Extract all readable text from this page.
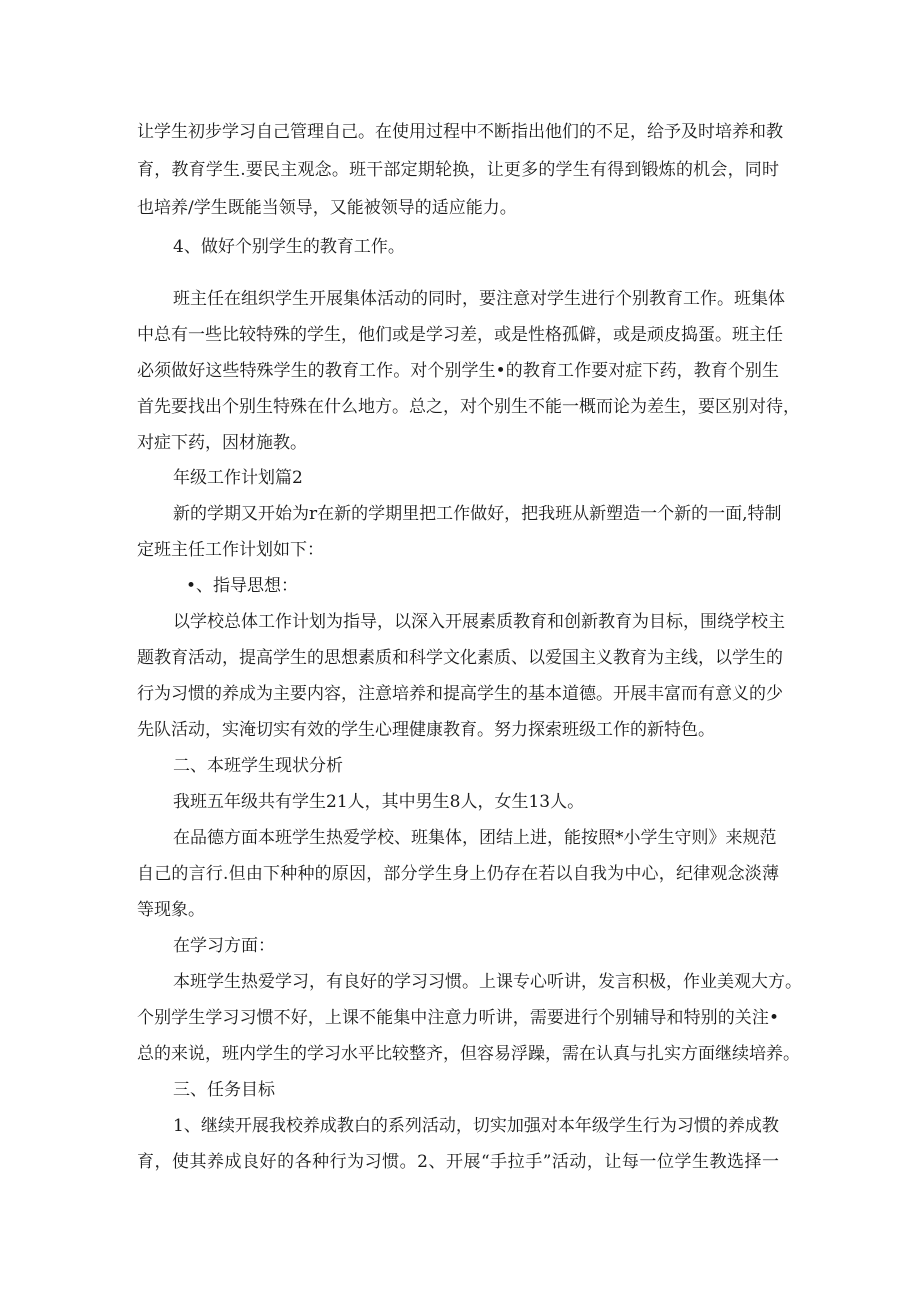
让学生初步学习自己管理自己。在使用过程中不断指出他们的不足，给予及时培养和教
育，教育学生.要民主观念。班干部定期轮换，让更多的学生有得到锻炼的机会，同时
也培养/学生既能当领导，又能被领导的适应能力。
4、做好个别学生的教育工作。
班主任在组织学生开展集体活动的同时，要注意对学生进行个别教育工作。班集体
中总有一些比较特殊的学生，他们或是学习差，或是性格孤僻，或是顽皮捣蛋。班主任
必须做好这些特殊学生的教育工作。对个别学生•的教育工作要对症下药，教育个别生
首先要找出个别生特殊在什么地方。总之，对个别生不能一概而论为差生，要区别对待，
对症下药，因材施教。
年级工作计划篇2
新的学期又开始为r在新的学期里把工作做好，把我班从新塑造一个新的一面,特制
定班主任工作计划如下：
•、指导思想：
以学校总体工作计划为指导，以深入开展素质教育和创新教育为目标，围绕学校主
题教育活动，提高学生的思想素质和科学文化素质、以爱国主义教育为主线，以学生的
行为习惯的养成为主要内容，注意培养和提高学生的基本道德。开展丰富而有意义的少
先队活动，实淹切实有效的学生心理健康教育。努力探索班级工作的新特色。
二、本班学生现状分析
我班五年级共有学生21人，其中男生8人，女生13人。
在品德方面本班学生热爱学校、班集体，团结上进，能按照*小学生守则》来规范
自己的言行.但由下种种的原因，部分学生身上仍存在若以自我为中心，纪律观念淡薄
等现象。
在学习方面：
本班学生热爱学习，有良好的学习习惯。上课专心听讲，发言积极，作业美观大方。
个别学生学习习惯不好，上课不能集中注意力听讲，需要进行个别辅导和特别的关注•
总的来说，班内学生的学习水平比较整齐，但容易浮躁，需在认真与扎实方面继续培养。
三、任务目标
1、继续开展我校养成教白的系列活动，切实加强对本年级学生行为习惯的养成教
育，使其养成良好的各种行为习惯。2、开展“手拉手”活动，让每一位学生教选择一
